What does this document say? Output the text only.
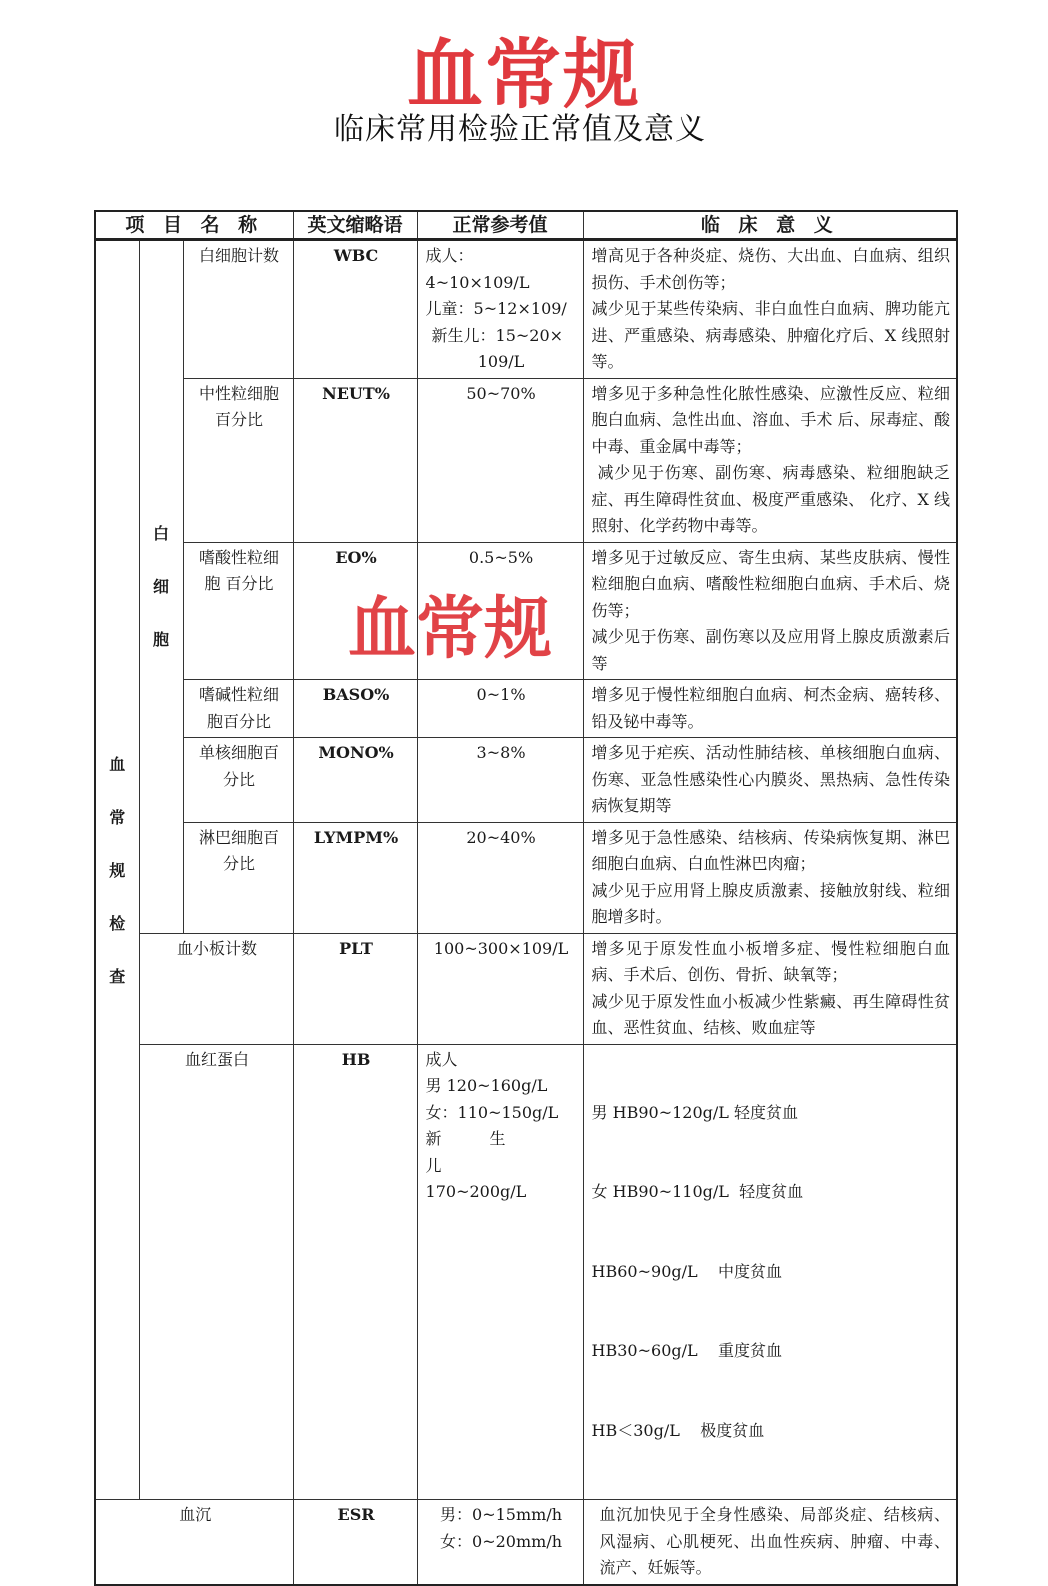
血常规
临床常用检验正常值及意义
血常规
项 目 名 称			英文缩略语	正常参考值	临 床 意 义

血
常
规
检
查	白
细
胞	白细胞计数	WBC	成人：4~10×109/L
儿童：5~12×109/
新生儿：15~20×
109/L	增高见于各种炎症、烧伤、大出血、白血病、组织损伤、手术创伤等；
减少见于某些传染病、非白血性白血病、脾功能亢进、严重感染、病毒感染、肿瘤化疗后、X 线照射等。

		中性粒细胞百分比	NEUT%	50~70%	增多见于多种急性化脓性感染、应激性反应、粒细胞白血病、急性出血、溶血、手术 后、尿毒症、酸中毒、重金属中毒等；
减少见于伤寒、副伤寒、病毒感染、粒细胞缺乏症、再生障碍性贫血、极度严重感染、 化疗、X 线照射、化学药物中毒等。

		嗜酸性粒细胞 百分比	EO%	0.5~5%	增多见于过敏反应、寄生虫病、某些皮肤病、慢性粒细胞白血病、嗜酸性粒细胞白血病、手术后、烧伤等；
减少见于伤寒、副伤寒以及应用肾上腺皮质激素后等

		嗜碱性粒细胞百分比	BASO%	0~1%	增多见于慢性粒细胞白血病、柯杰金病、癌转移、铅及铋中毒等。
		单核细胞百分比	MONO%	3~8%	增多见于疟疾、活动性肺结核、单核细胞白血病、伤寒、亚急性感染性心内膜炎、黑热病、急性传染病恢复期等
		淋巴细胞百分比	LYMPM%	20~40%	增多见于急性感染、结核病、传染病恢复期、淋巴细胞白血病、白血性淋巴肉瘤；
减少见于应用肾上腺皮质激素、接触放射线、粒细胞增多时。

	血小板计数		PLT	100~300×109/L	增多见于原发性血小板增多症、慢性粒细胞白血病、手术后、创伤、骨折、缺氧等；
减少见于原发性血小板减少性紫癜、再生障碍性贫血、恶性贫血、结核、败血症等

	血红蛋白		HB	成人
男 120~160g/L
女：110~150g/L
新生儿
170~200g/L	男 HB90~120g/L 轻度贫血

女 HB90~110g/L  轻度贫血

HB60~90g/L    中度贫血

HB30~60g/L    重度贫血

HB＜30g/L    极度贫血

血沉			ESR	男：0~15mm/h
女：0~20mm/h	血沉加快见于全身性感染、局部炎症、结核病、风湿病、心肌梗死、出血性疾病、肿瘤、中毒、流产、妊娠等。
